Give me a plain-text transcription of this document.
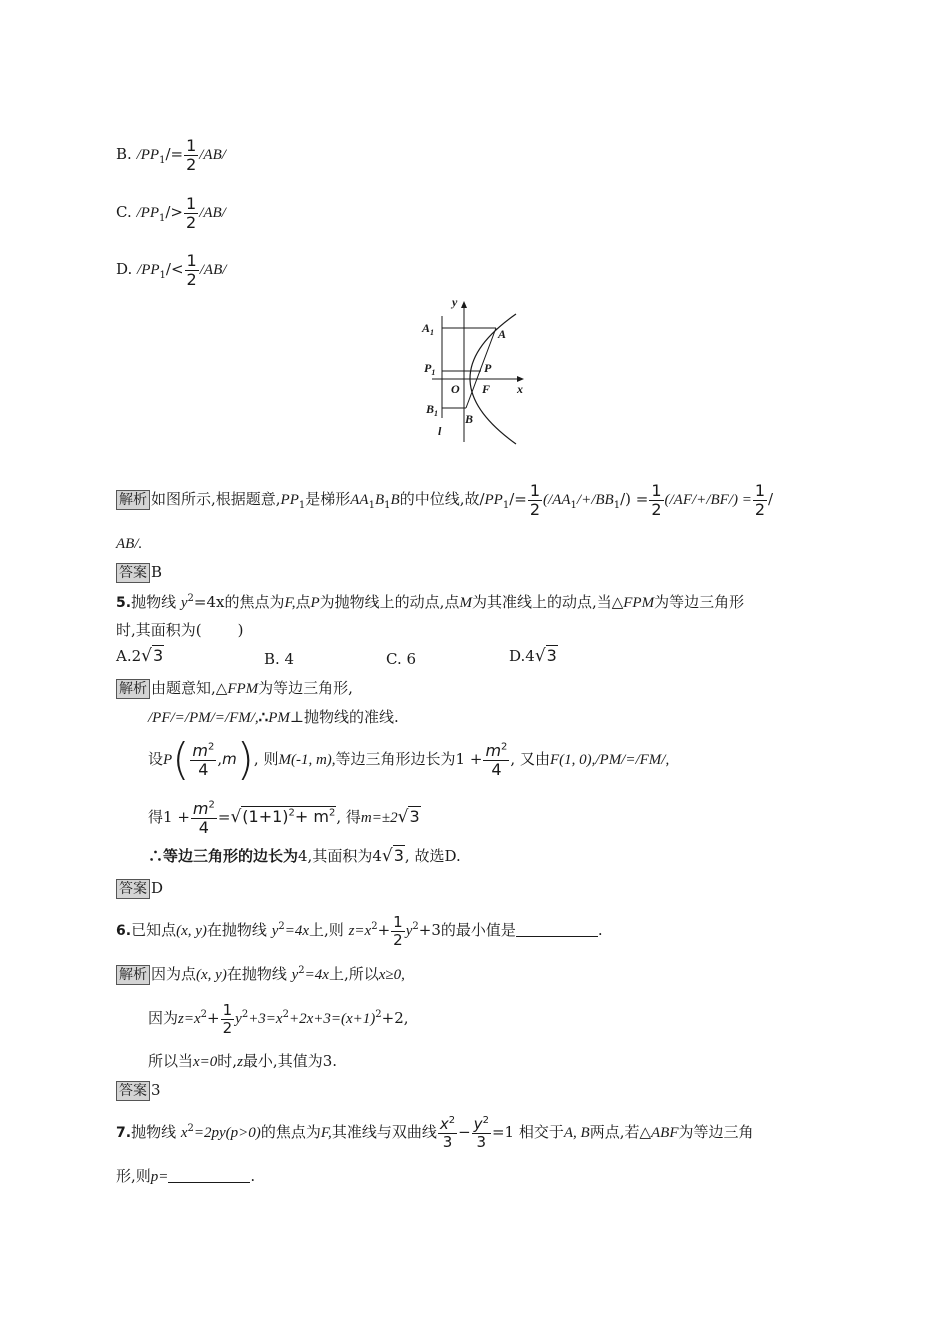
B. $/PP_1/= \frac{1}{2} /AB/$
C. $/PP_1/> \frac{1}{2} /AB/$
D. $/PP_1/< \frac{1}{2} /AB/$
$A_1$	A
$P_1$	P
O F x
y
$B_1$ B
l
解析 如图所示,根据题意$,PP_1$是梯形$AA_1B_1B$的中位线,故$/PP_1/= \frac{1}{2} (/AA_1/+/BB_1/) = \frac{1}{2} (/AF/+/BF/) = \frac{1}{2}$ /
AB/.
答案 B
5.抛物线 $y^2=4x$的焦点为F,点P为抛物线上的动点,点M为其准线上的动点,当△FPM为等边三角形
时,其面积为( )
A.2√3	B. 4	C. 6	D.4√3
解析 由题意知,△FPM为等边三角形,
/PF/=/PM/=/FM/,∴PM⊥抛物线的准线.
设$P( \frac{m^2}{4} ,m)$, 则M(-1, m),等边三角形边长为$1 + \frac{m^2}{4}$ , 又由F(1, 0),/PM/=/FM/,
得$1 + \frac{m^2}{4} =√(1+1)^2+ m^2$, 得m=±2√3
∴等边三角形的边长为4,其面积为4√3, 故选D.
答案 D
6.已知点(x, y)在抛物线 $y^2=4x$上,则 $z=x^2+ \frac{1}{2} y^2+3$的最小值是	.
解析 因为点(x, y)在抛物线 $y^2=4x$上,所以x≥0,
因为$z=x^2+ \frac{1}{2} y^2+3=x^2+2x+3=(x+1)^2+2$,
所以当x=0时,z最小,其值为3.
答案 3
7.抛物线 $x^2=2py(p>0)$的焦点为F,其准线与双曲线 $\frac{x^2}{3} - \frac{y^2}{3} =1$ 相交于A, B两点,若△ABF为等边三角
形,则p=	.
